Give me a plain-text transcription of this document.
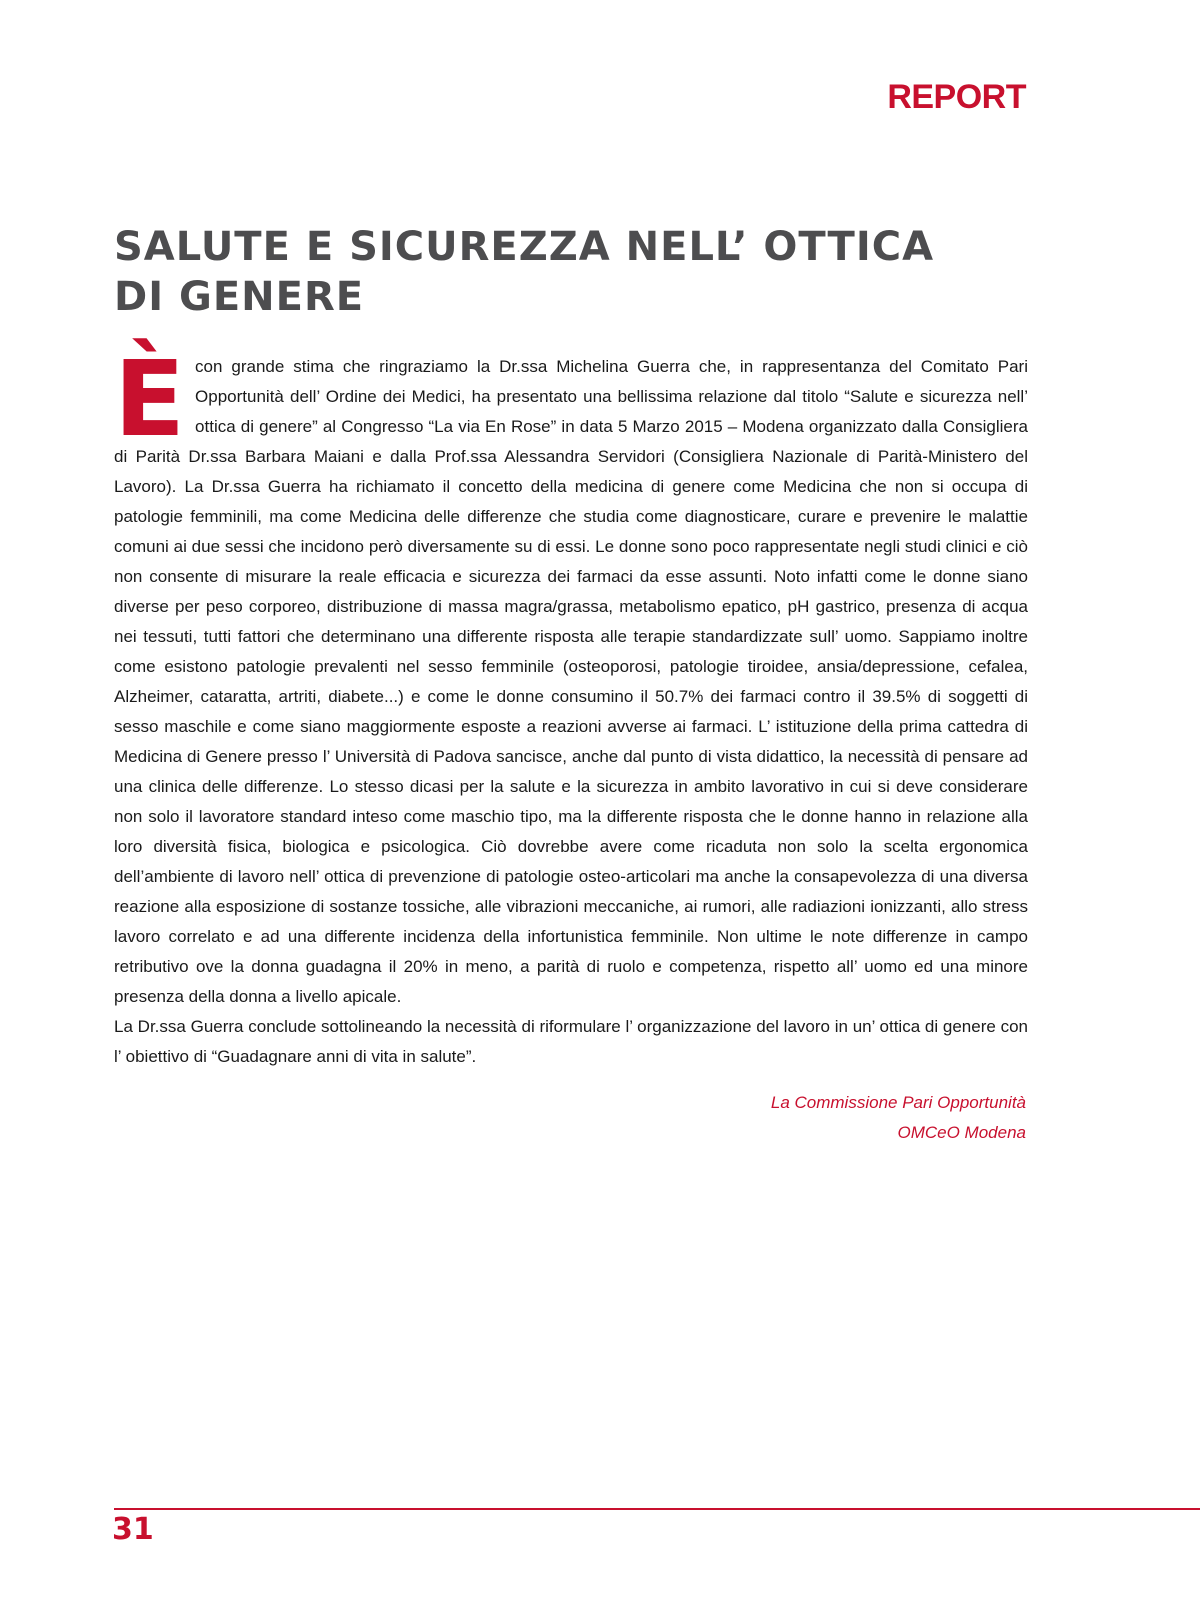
REPORT
SALUTE E SICUREZZA NELL’ OTTICA DI GENERE

Ècon grande stima che ringraziamo la Dr.ssa Michelina Guerra che, in rappresentanza del Comitato Pari Opportunità dell’ Ordine dei Medici, ha presentato una bellissima relazione dal titolo “Salute e sicurezza nell’ ottica di genere” al Congresso “La via En Rose” in data 5 Marzo 2015 – Modena organizzato dalla Consigliera di Parità Dr.ssa Barbara Maiani e dalla Prof.ssa Alessandra Servidori (Consigliera Nazionale di Parità-Ministero del Lavoro). La Dr.ssa Guerra ha richiamato il concetto della medicina di genere come Medicina che non si occupa di patologie femminili, ma come Medicina delle differenze che studia come diagnosticare, curare e prevenire le malattie comuni ai due sessi che incidono però diversamente su di essi. Le donne sono poco rappresentate negli studi clinici e ciò non consente di misurare la reale efficacia e sicurezza dei farmaci da esse assunti. Noto infatti come le donne siano diverse per peso corporeo, distribuzione di massa magra/grassa, metabolismo epatico, pH gastrico, presenza di acqua nei tessuti, tutti fattori che determinano una differente risposta alle terapie standardizzate sull’ uomo. Sappiamo inoltre come esistono patologie prevalenti nel sesso femminile (osteoporosi, patologie tiroidee, ansia/depressione, cefalea, Alzheimer, cataratta, artriti, diabete...) e come le donne consumino il 50.7% dei farmaci contro il 39.5% di soggetti di sesso maschile e come siano maggiormente esposte a reazioni avverse ai farmaci. L’ istituzione della prima cattedra di Medicina di Genere presso l’ Università di Padova sancisce, anche dal punto di vista didattico, la necessità di pensare ad una clinica delle differenze. Lo stesso dicasi per la salute e la sicurezza in ambito lavorativo in cui si deve considerare non solo il lavoratore standard inteso come maschio tipo, ma la differente risposta che le donne hanno in relazione alla loro diversità fisica, biologica e psicologica. Ciò dovrebbe avere come ricaduta non solo la scelta ergonomica dell’ambiente di lavoro nell’ ottica di prevenzione di patologie osteo-articolari ma anche la consapevolezza di una diversa reazione alla esposizione di sostanze tossiche, alle vibrazioni meccaniche, ai rumori, alle radiazioni ionizzanti, allo stress lavoro correlato e ad una differente incidenza della infortunistica femminile. Non ultime le note differenze in campo retributivo ove la donna guadagna il 20% in meno, a parità di ruolo e competenza, rispetto all’ uomo ed una minore presenza della donna a livello apicale.

La Dr.ssa Guerra conclude sottolineando la necessità di riformulare l’ organizzazione del lavoro in un’ ottica di genere con l’ obiettivo di “Guadagnare anni di vita in salute”.

La Commissione Pari Opportunità
OMCeO Modena
31
